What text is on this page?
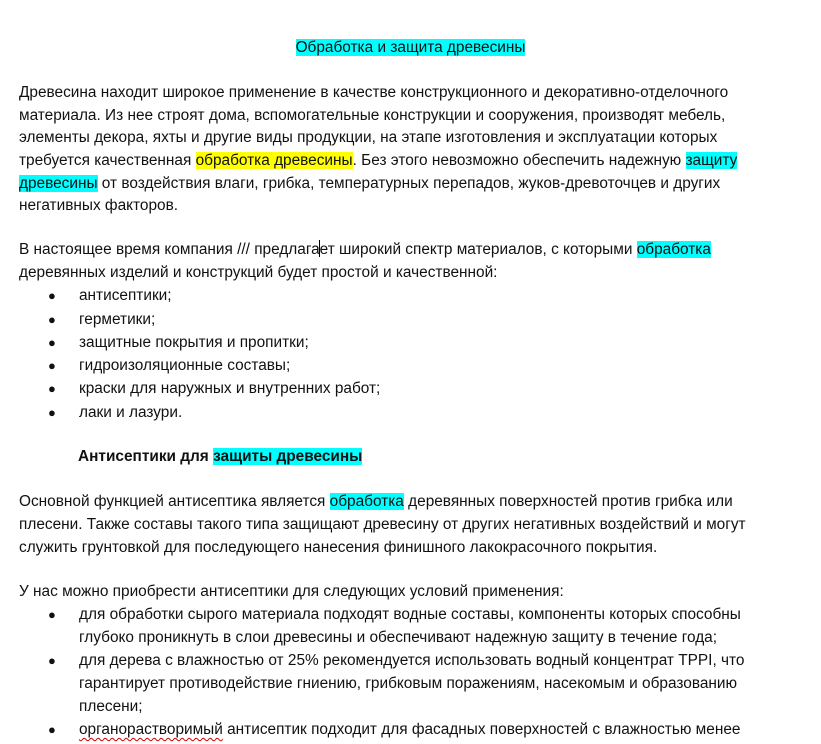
Обработка и защита древесины
Древесина находит широкое применение в качестве конструкционного и декоративно-отделочного
материала. Из нее строят дома, вспомогательные конструкции и сооружения, производят мебель,
элементы декора, яхты и другие виды продукции, на этапе изготовления и эксплуатации которых
требуется качественная обработка древесины. Без этого невозможно обеспечить надежную защиту
древесины от воздействия влаги, грибка, температурных перепадов, жуков-древоточцев и других
негативных факторов.
В настоящее время компания /// предлагает широкий спектр материалов, с которыми обработка
деревянных изделий и конструкций будет простой и качественной:
● антисептики;
● герметики;
● защитные покрытия и пропитки;
● гидроизоляционные составы;
● краски для наружных и внутренних работ;
● лаки и лазури.
Антисептики для защиты древесины
Основной функцией антисептика является обработка деревянных поверхностей против грибка или
плесени. Также составы такого типа защищают древесину от других негативных воздействий и могут
служить грунтовкой для последующего нанесения финишного лакокрасочного покрытия.
У нас можно приобрести антисептики для следующих условий применения:
● для обработки сырого материала подходят водные составы, компоненты которых способны
глубоко проникнуть в слои древесины и обеспечивают надежную защиту в течение года;
● для дерева с влажностью от 25% рекомендуется использовать водный концентрат ТРРI, что
гарантирует противодействие гниению, грибковым поражениям, насекомым и образованию
плесени;
● органорастворимый антисептик подходит для фасадных поверхностей с влажностью менее
